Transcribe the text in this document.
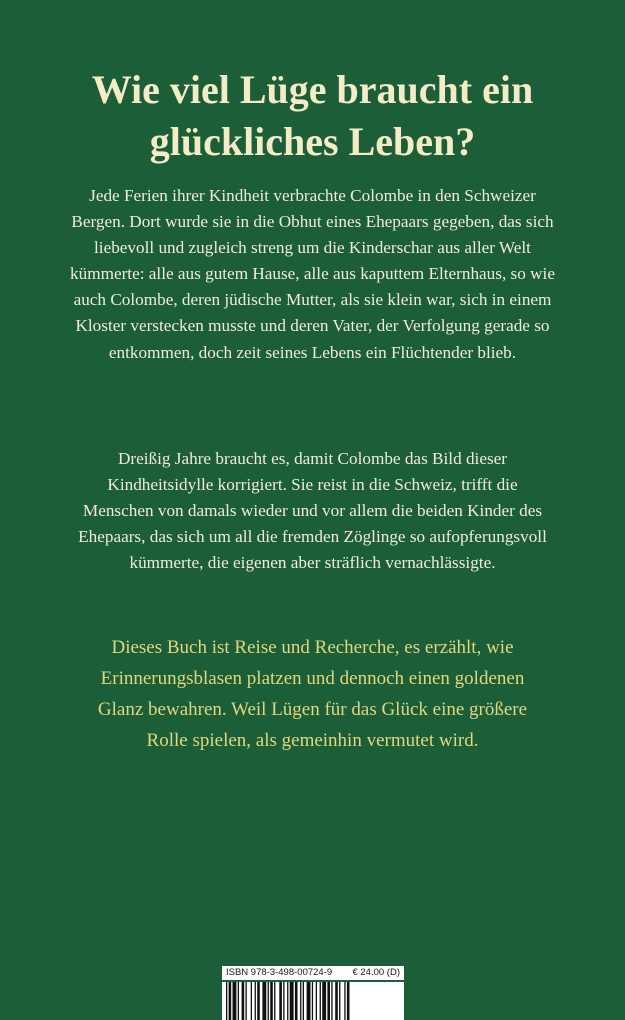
Wie viel Lüge braucht ein glückliches Leben?

Jede Ferien ihrer Kindheit verbrachte Colombe in den Schweizer Bergen. Dort wurde sie in die Obhut eines Ehepaars gegeben, das sich liebevoll und zugleich streng um die Kinderschar aus aller Welt kümmerte: alle aus gutem Hause, alle aus kaputtem Elternhaus, so wie auch Colombe, deren jüdische Mutter, als sie klein war, sich in einem Kloster verstecken musste und deren Vater, der Verfolgung gerade so entkommen, doch zeit seines Lebens ein Flüchtender blieb.

Dreißig Jahre braucht es, damit Colombe das Bild dieser Kindheitsidylle korrigiert. Sie reist in die Schweiz, trifft die Menschen von damals wieder und vor allem die beiden Kinder des Ehepaars, das sich um all die fremden Zöglinge so aufopferungsvoll kümmerte, die eigenen aber sträflich vernachlässigte.

Dieses Buch ist Reise und Recherche, es erzählt, wie Erinnerungsblasen platzen und dennoch einen goldenen Glanz bewahren. Weil Lügen für das Glück eine größere Rolle spielen, als gemeinhin vermutet wird.

ISBN 978-3-498-00724-9 € 24.00 (D)
